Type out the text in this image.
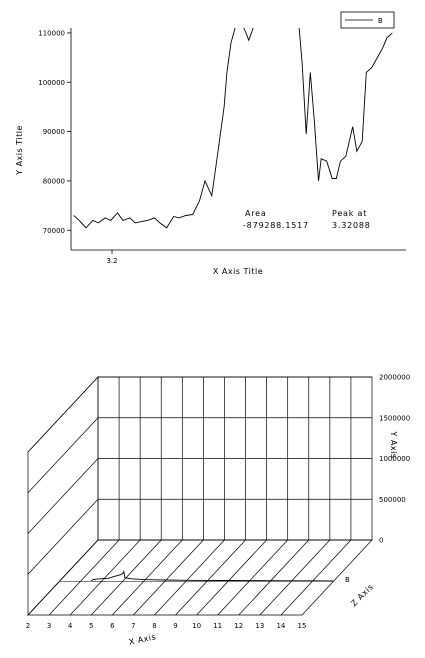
70000
80000
90000
100000
110000
3.2
Y Axis Title
X Axis Title
B
Area
-879288.1517
Peak at
3.32088
2 3 4 5 6 7 8 9 10 11 12 13 14 15
0
500000
1000000
1500000
2000000
B
X Axis
Y Axis
Z Axis
